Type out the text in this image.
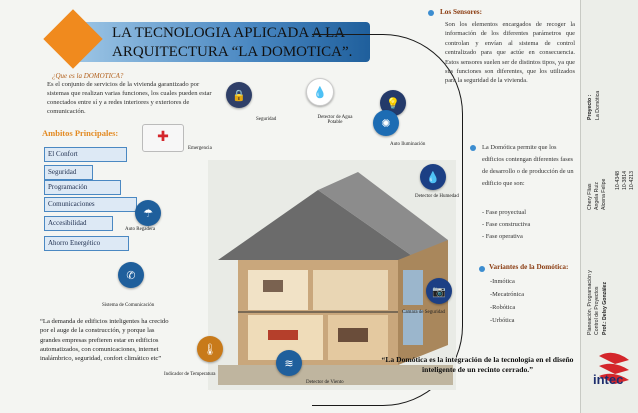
LA TECNOLOGIA APLICADA A LA
ARQUITECTURA “LA DOMOTICA”.
¿Que es la DOMOTICA?
Es el conjunto de servicios de la vivienda garantizado por sistemas que realizan varias funciones, los cuales pueden estar conectados entre sí y a redes interiores y exteriores de comunicación.
Ambitos Principales:
El Confort
Seguridad
Programación
Comunicaciones
Accesibilidad
Ahorro Energético
✚
Emergencia
🔒
Seguridad
💧
Detector de Agua Potable
💡
✺
Auto Iluminación
☂
Auto Regadera
💧
Detector de Humedad
✆
Sistema de Comunicación
📷
Camara de Seguridad
🌡
Indicador de Temperatura
≋
Detector de Viento
Los Sensores:
Son los elementos encargados de recoger la información de los diferentes parámetros que controlan y envían al sistema de control centralizado para que actúe en consecuencia. Estos sensores suelen ser de distintos tipos, ya que sus funciones son diferentes, que los utilizados para la seguridad de la vivienda.
La Domótica permite que los edificios contengan diferentes fases de desarrollo o de producción de un edificio que son:
- Fase proyectual
- Fase constructiva
- Fase operativa
Variantes de la Domótica:
-Inmótica
-Mecatrónica
-Robótica
-Urbótica
“La demanda de edificios inteligentes ha crecido por el auge de la construcción, y porque las grandes empresas prefieren estar en edificios automatizados, con comunicaciones, internet inalámbrico, seguridad, confort climático etc”	“La Domótica es la integración de la tecnología en el diseño inteligente de un recinto cerrado.”
Proyecto : La Domótica
Chery Flías Angela Ruiz Alcena Felipe 10-4348 10-3814 10-4213
Planeación, Programación y Control de Proyectos Prof.: Delsy González
intec
